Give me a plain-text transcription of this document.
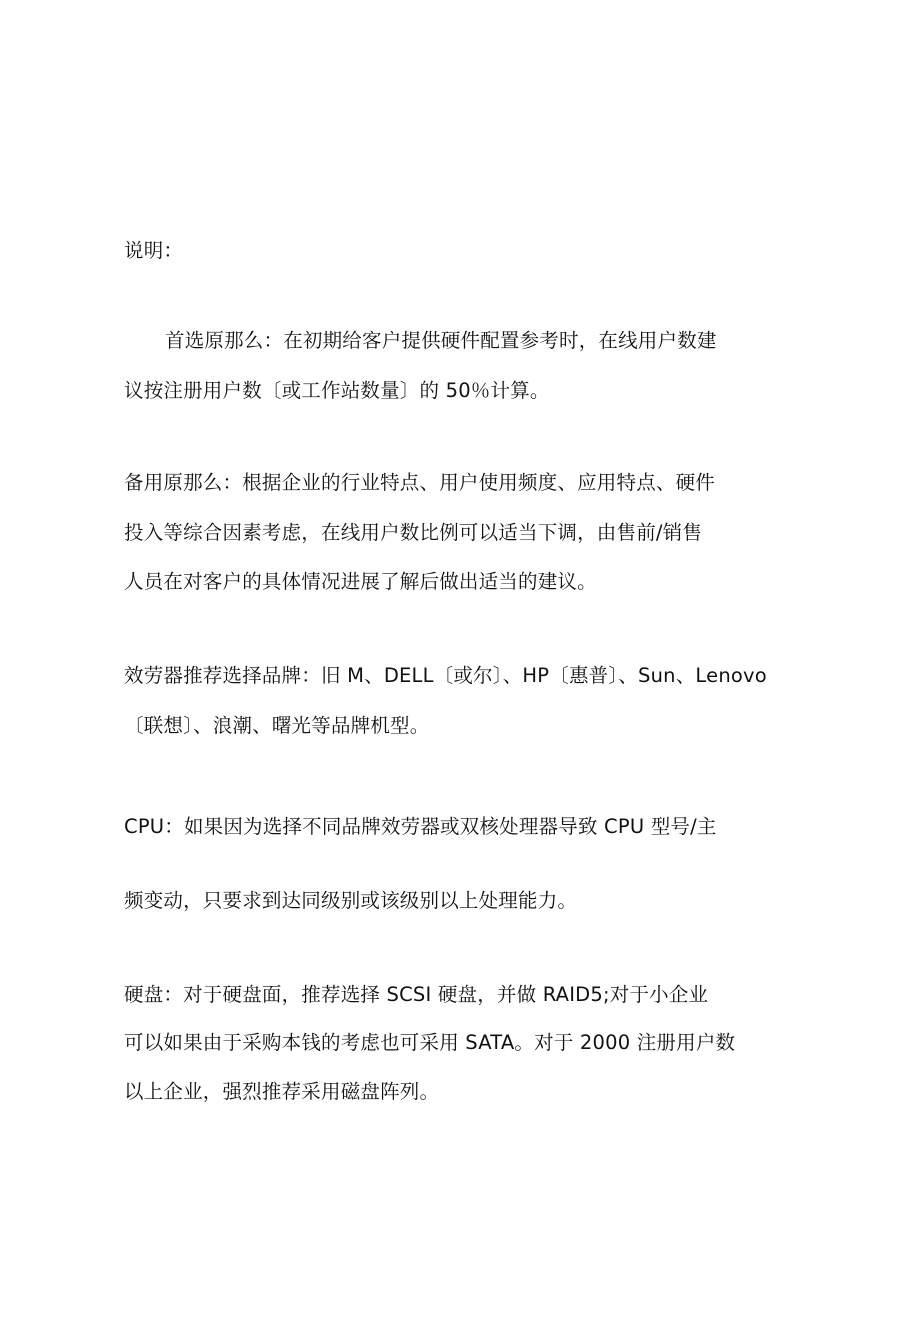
说明：

首选原那么：在初期给客户提供硬件配置参考时，在线用户数建

议按注册用户数〔或工作站数量〕的 50％计算。

备用原那么：根据企业的行业特点、用户使用频度、应用特点、硬件

投入等综合因素考虑，在线用户数比例可以适当下调，由售前/销售

人员在对客户的具体情况进展了解后做出适当的建议。

效劳器推荐选择品牌：旧 M、DELL〔或尔〕、HP〔惠普〕、Sun、Lenovo

〔联想〕、浪潮、曙光等品牌机型。

CPU：如果因为选择不同品牌效劳器或双核处理器导致 CPU 型号/主

频变动，只要求到达同级别或该级别以上处理能力。

硬盘：对于硬盘面，推荐选择 SCSI 硬盘，并做 RAID5;对于小企业

可以如果由于采购本钱的考虑也可采用 SATA。对于 2000 注册用户数

以上企业，强烈推荐采用磁盘阵列。
